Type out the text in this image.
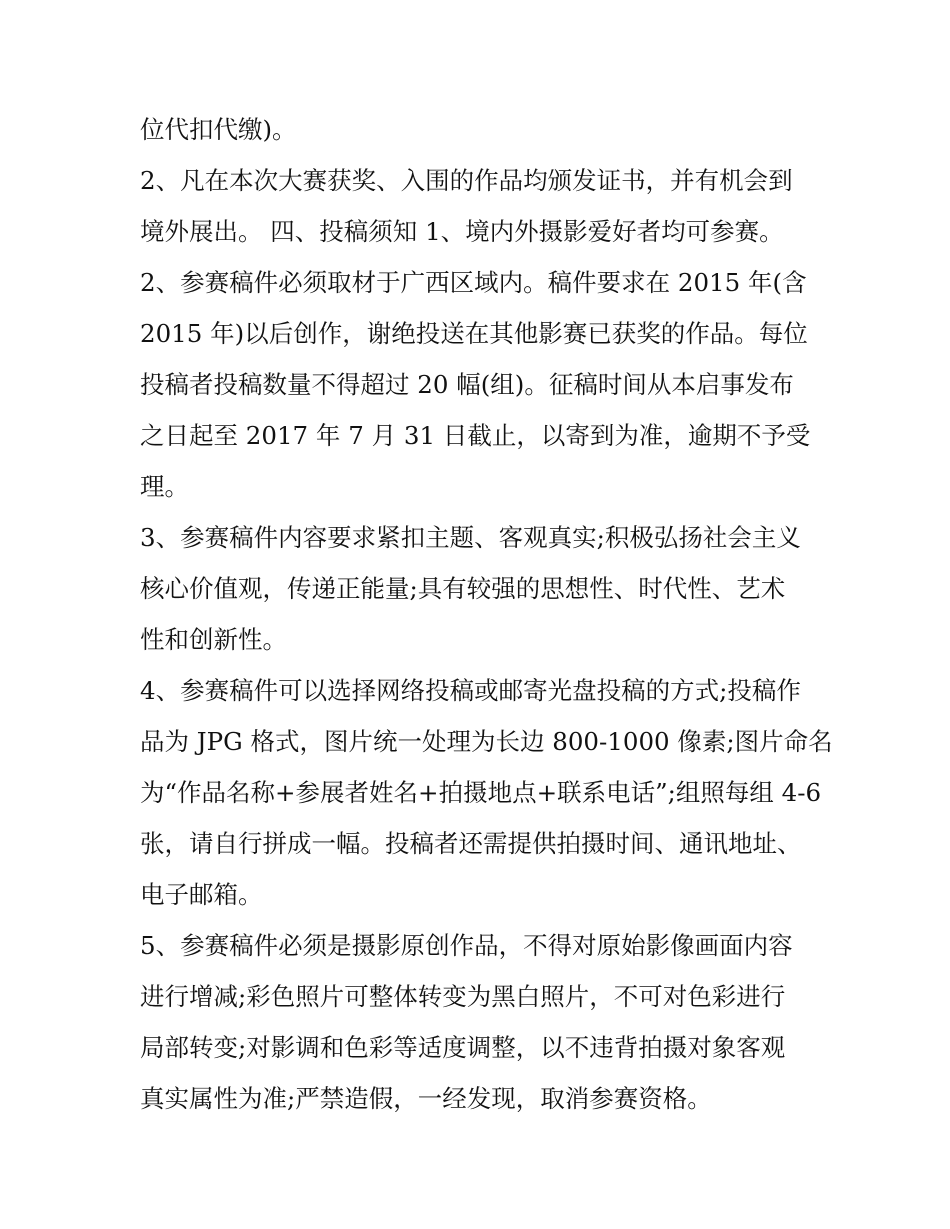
位代扣代缴)。
2、凡在本次大赛获奖、入围的作品均颁发证书，并有机会到
境外展出。 四、投稿须知 1、境内外摄影爱好者均可参赛。
2、参赛稿件必须取材于广西区域内。稿件要求在 2015 年(含
2015 年)以后创作，谢绝投送在其他影赛已获奖的作品。每位
投稿者投稿数量不得超过 20 幅(组)。征稿时间从本启事发布
之日起至 2017 年 7 月 31 日截止，以寄到为准，逾期不予受
理。
3、参赛稿件内容要求紧扣主题、客观真实;积极弘扬社会主义
核心价值观，传递正能量;具有较强的思想性、时代性、艺术
性和创新性。
4、参赛稿件可以选择网络投稿或邮寄光盘投稿的方式;投稿作
品为 JPG 格式，图片统一处理为长边 800-1000 像素;图片命名
为“作品名称+参展者姓名+拍摄地点+联系电话”;组照每组 4-6
张，请自行拼成一幅。投稿者还需提供拍摄时间、通讯地址、
电子邮箱。
5、参赛稿件必须是摄影原创作品，不得对原始影像画面内容
进行增减;彩色照片可整体转变为黑白照片，不可对色彩进行
局部转变;对影调和色彩等适度调整，以不违背拍摄对象客观
真实属性为准;严禁造假，一经发现，取消参赛资格。
